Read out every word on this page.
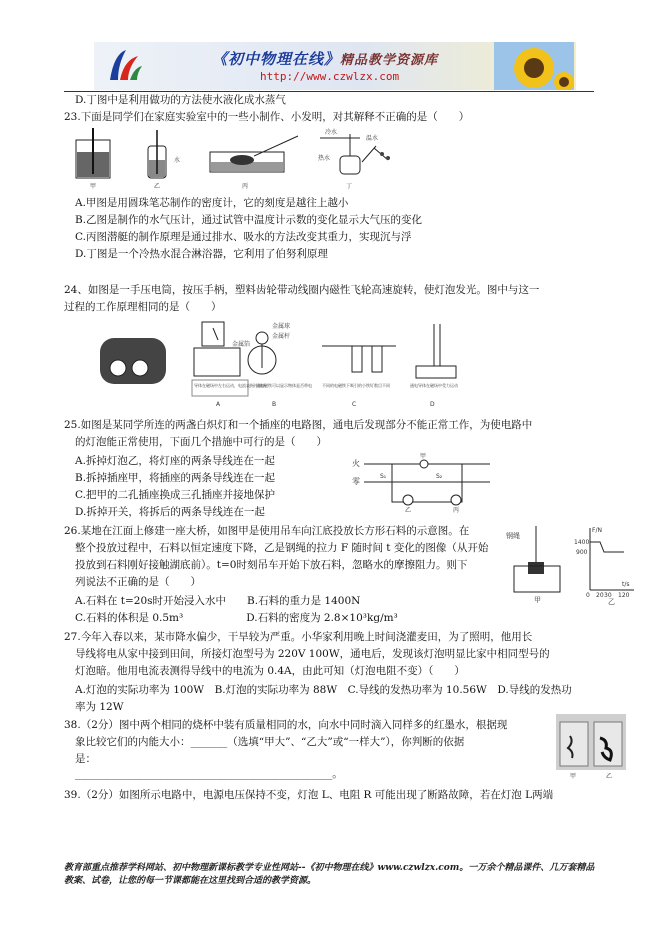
《初中物理在线》精品教学资源库
http://www.czwlzx.com
D.丁图中是利用做功的方法使水液化成水蒸气
23.下面是同学们在家庭实验室中的一些小制作、小发明，对其解释不正确的是（　　）
A.甲图是用圆珠笔芯制作的密度计，它的刻度是越往上越小
B.乙图是制作的水气压计，通过试管中温度计示数的变化显示大气压的变化
C.丙图潜艇的制作原理是通过排水、吸水的方法改变其重力，实现沉与浮
D.丁图是一个冷热水混合淋浴器，它利用了伯努利原理
24、如图是一手压电筒，按压手柄，塑料齿轮带动线圈内磁性飞轮高速旋转，使灯泡发光。图中与这一
过程的工作原理相同的是（　　）
25.如图是某同学所连的两盏白炽灯和一个插座的电路图，通电后发现部分不能正常工作，为使电路中
的灯泡能正常使用，下面几个措施中可行的是（　　）
A.拆掉灯泡乙，将灯座的两条导线连在一起
B.拆掉插座甲，将插座的两条导线连在一起
C.把甲的二孔插座换成三孔插座并接地保护
D.拆掉开关，将拆后的两条导线连在一起
26.某地在江面上修建一座大桥，如图甲是使用吊车向江底投放长方形石料的示意图。在
整个投放过程中，石料以恒定速度下降，乙是钢绳的拉力 F 随时间 t 变化的图像（从开始
投放到石料刚好接触湖底前）。t=0时刻吊车开始下放石料，忽略水的摩擦阻力。则下
列说法不正确的是（　　）
A.石料在 t=20s时开始浸入水中　　B.石料的重力是 1400N
C.石料的体积是 0.5m³　　　　　　D.石料的密度为 2.8×10³kg/m³
27.今年入春以来，某市降水偏少，干旱较为严重。小华家利用晚上时间浇灌麦田，为了照明，他用长
导线将电从家中接到田间，所接灯泡型号为 220V 100W，通电后，发现该灯泡明显比家中相同型号的
灯泡暗。他用电流表测得导线中的电流为 0.4A，由此可知（灯泡电阻不变）（　　）
A.灯泡的实际功率为 100W　B.灯泡的实际功率为 88W　C.导线的发热功率为 10.56W　D.导线的发热功
率为 12W
38.（2分）图中两个相同的烧杯中装有质量相同的水，向水中同时滴入同样多的红墨水，根据现
象比较它们的内能大小：_______（选填“甲大”、“乙大”或“一样大”），你判断的依据
是：
_________________________________________________。
39.（2分）如图所示电路中，电源电压保持不变，灯泡 L、电阻 R 可能出现了断路故障，若在灯泡 L两端
冷水
温水
热水
水
甲	乙	丙	丁
金属球
金属杆
金属箔
导体在磁场中左右运动，电流表指针偏转
旋电磁铁可以显示物体是否带电	不同的电磁铁下吸引的小铁钉数目不同	通电导体在磁场中受力运动
A	B	C	D
火
零
甲
S₁	S₂
乙	丙
钢绳
甲
F/N
t/s
1400
900
0 20 30 120
乙
甲	乙
教育部重点推荐学科网站、初中物理新课标教学专业性网站--《初中物理在线》www.czwlzx.com。一万余个精品课件、几万套精品教案、试卷，让您的每一节课都能在这里找到合适的教学资源。
